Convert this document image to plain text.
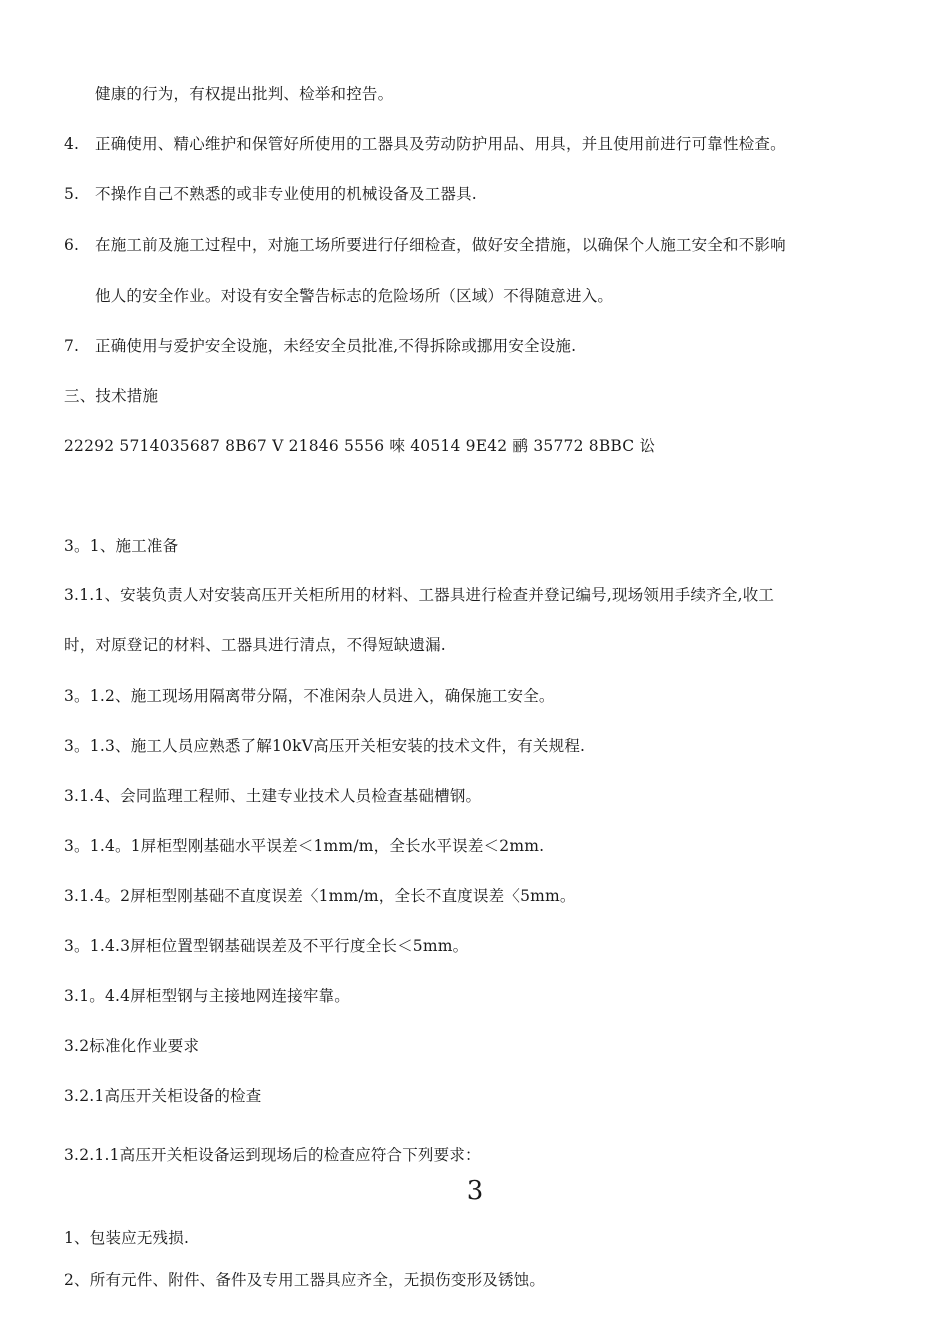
健康的行为，有权提出批判、检举和控告。
4. 正确使用、精心维护和保管好所使用的工器具及劳动防护用品、用具，并且使用前进行可靠性检查。
5. 不操作自己不熟悉的或非专业使用的机械设备及工器具.
6. 在施工前及施工过程中，对施工场所要进行仔细检查，做好安全措施，以确保个人施工安全和不影响
他人的安全作业。对设有安全警告标志的危险场所（区域）不得随意进入。
7. 正确使用与爱护安全设施，未经安全员批准,不得拆除或挪用安全设施.
三、技术措施
22292 5714035687 8B67 V 21846 5556 唻 40514 9E42 鹂 35772 8BBC 讼
3。1、施工准备
3.1.1、安装负责人对安装高压开关柜所用的材料、工器具进行检查并登记编号,现场领用手续齐全,收工
时，对原登记的材料、工器具进行清点，不得短缺遗漏.
3。1.2、施工现场用隔离带分隔，不准闲杂人员进入，确保施工安全。
3。1.3、施工人员应熟悉了解10kV高压开关柜安装的技术文件，有关规程.
3.1.4、会同监理工程师、土建专业技术人员检查基础槽钢。
3。1.4。1屏柜型刚基础水平误差＜1mm/m，全长水平误差＜2mm.
3.1.4。2屏柜型刚基础不直度误差〈1mm/m，全长不直度误差〈5mm。
3。1.4.3屏柜位置型钢基础误差及不平行度全长＜5mm。
3.1。4.4屏柜型钢与主接地网连接牢靠。
3.2标准化作业要求
3.2.1高压开关柜设备的检查
3.2.1.1高压开关柜设备运到现场后的检查应符合下列要求：
3
1、包装应无残损.
2、所有元件、附件、备件及专用工器具应齐全，无损伤变形及锈蚀。
